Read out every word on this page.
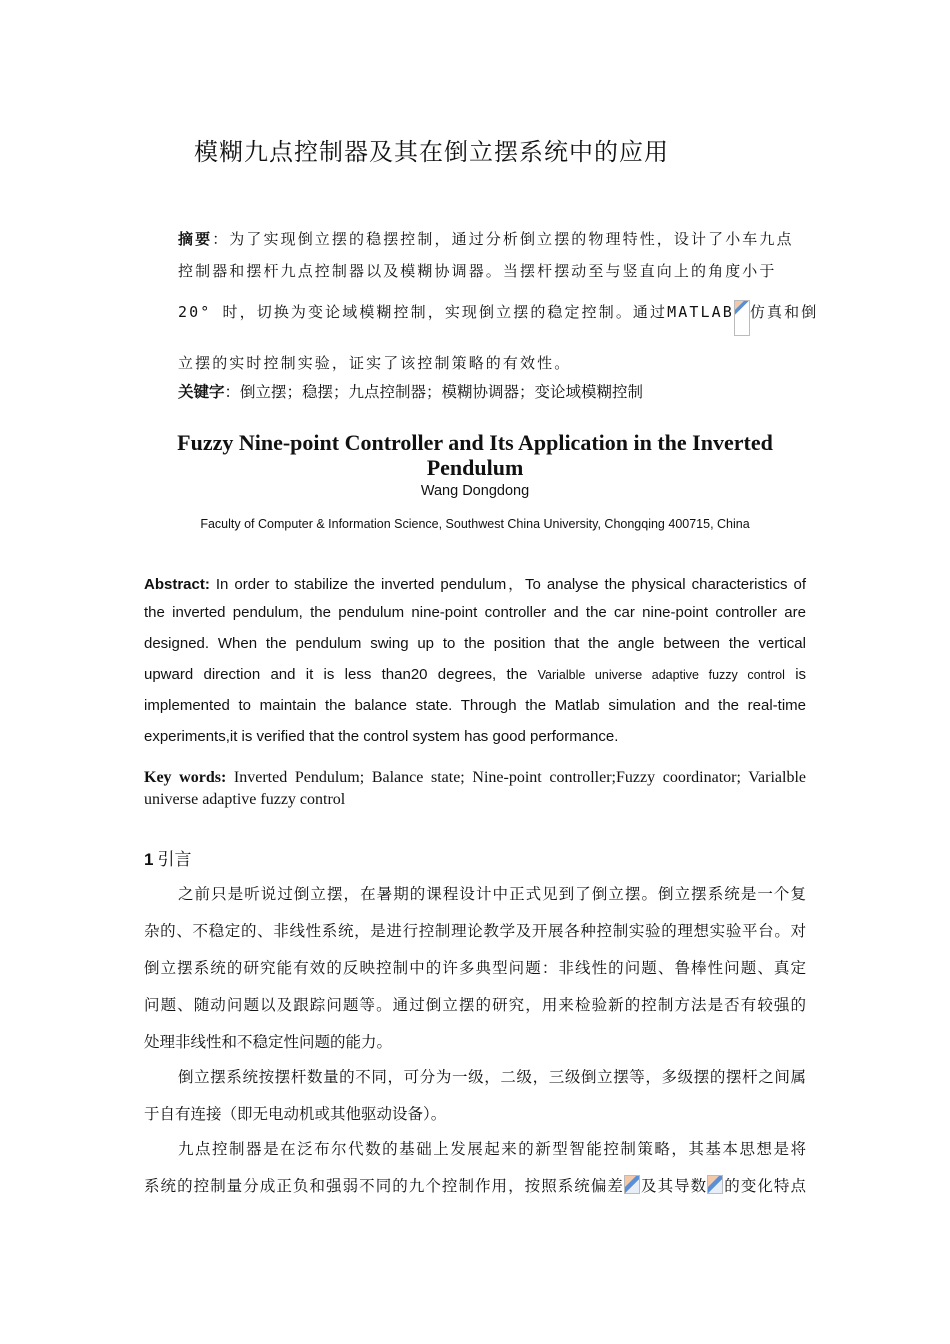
模糊九点控制器及其在倒立摆系统中的应用
摘要：为了实现倒立摆的稳摆控制，通过分析倒立摆的物理特性，设计了小车九点
控制器和摆杆九点控制器以及模糊协调器。当摆杆摆动至与竖直向上的角度小于
20° 时，切换为变论域模糊控制，实现倒立摆的稳定控制。通过MATLAB 仿真和倒
立摆的实时控制实验，证实了该控制策略的有效性。
关键字：倒立摆；稳摆；九点控制器；模糊协调器；变论域模糊控制
Fuzzy Nine-point Controller and Its Application in the Inverted Pendulum
Wang Dongdong
Faculty of Computer & Information Science, Southwest China University, Chongqing 400715, China
Abstract: In order to stabilize the inverted pendulum，To analyse the physical characteristics of
the inverted pendulum, the pendulum nine-point controller and the car nine-point controller are
designed. When the pendulum swing up to the position that the angle between the vertical
upward direction and it is less than20 degrees, the Varialble universe adaptive fuzzy control is
implemented to maintain the balance state. Through the Matlab simulation and the real-time
experiments,it is verified that the control system has good performance.
Key words: Inverted Pendulum; Balance state; Nine-point controller;Fuzzy coordinator; Varialble universe adaptive fuzzy control
1 引言
之前只是听说过倒立摆，在暑期的课程设计中正式见到了倒立摆。倒立摆系统是一个复
杂的、不稳定的、非线性系统，是进行控制理论教学及开展各种控制实验的理想实验平台。对
倒立摆系统的研究能有效的反映控制中的许多典型问题：非线性的问题、鲁棒性问题、真定
问题、随动问题以及跟踪问题等。通过倒立摆的研究，用来检验新的控制方法是否有较强的
处理非线性和不稳定性问题的能力。
倒立摆系统按摆杆数量的不同，可分为一级，二级，三级倒立摆等，多级摆的摆杆之间属
于自有连接（即无电动机或其他驱动设备）。
九点控制器是在泛布尔代数的基础上发展起来的新型智能控制策略，其基本思想是将
系统的控制量分成正负和强弱不同的九个控制作用，按照系统偏差 及其导数 的变化特点
